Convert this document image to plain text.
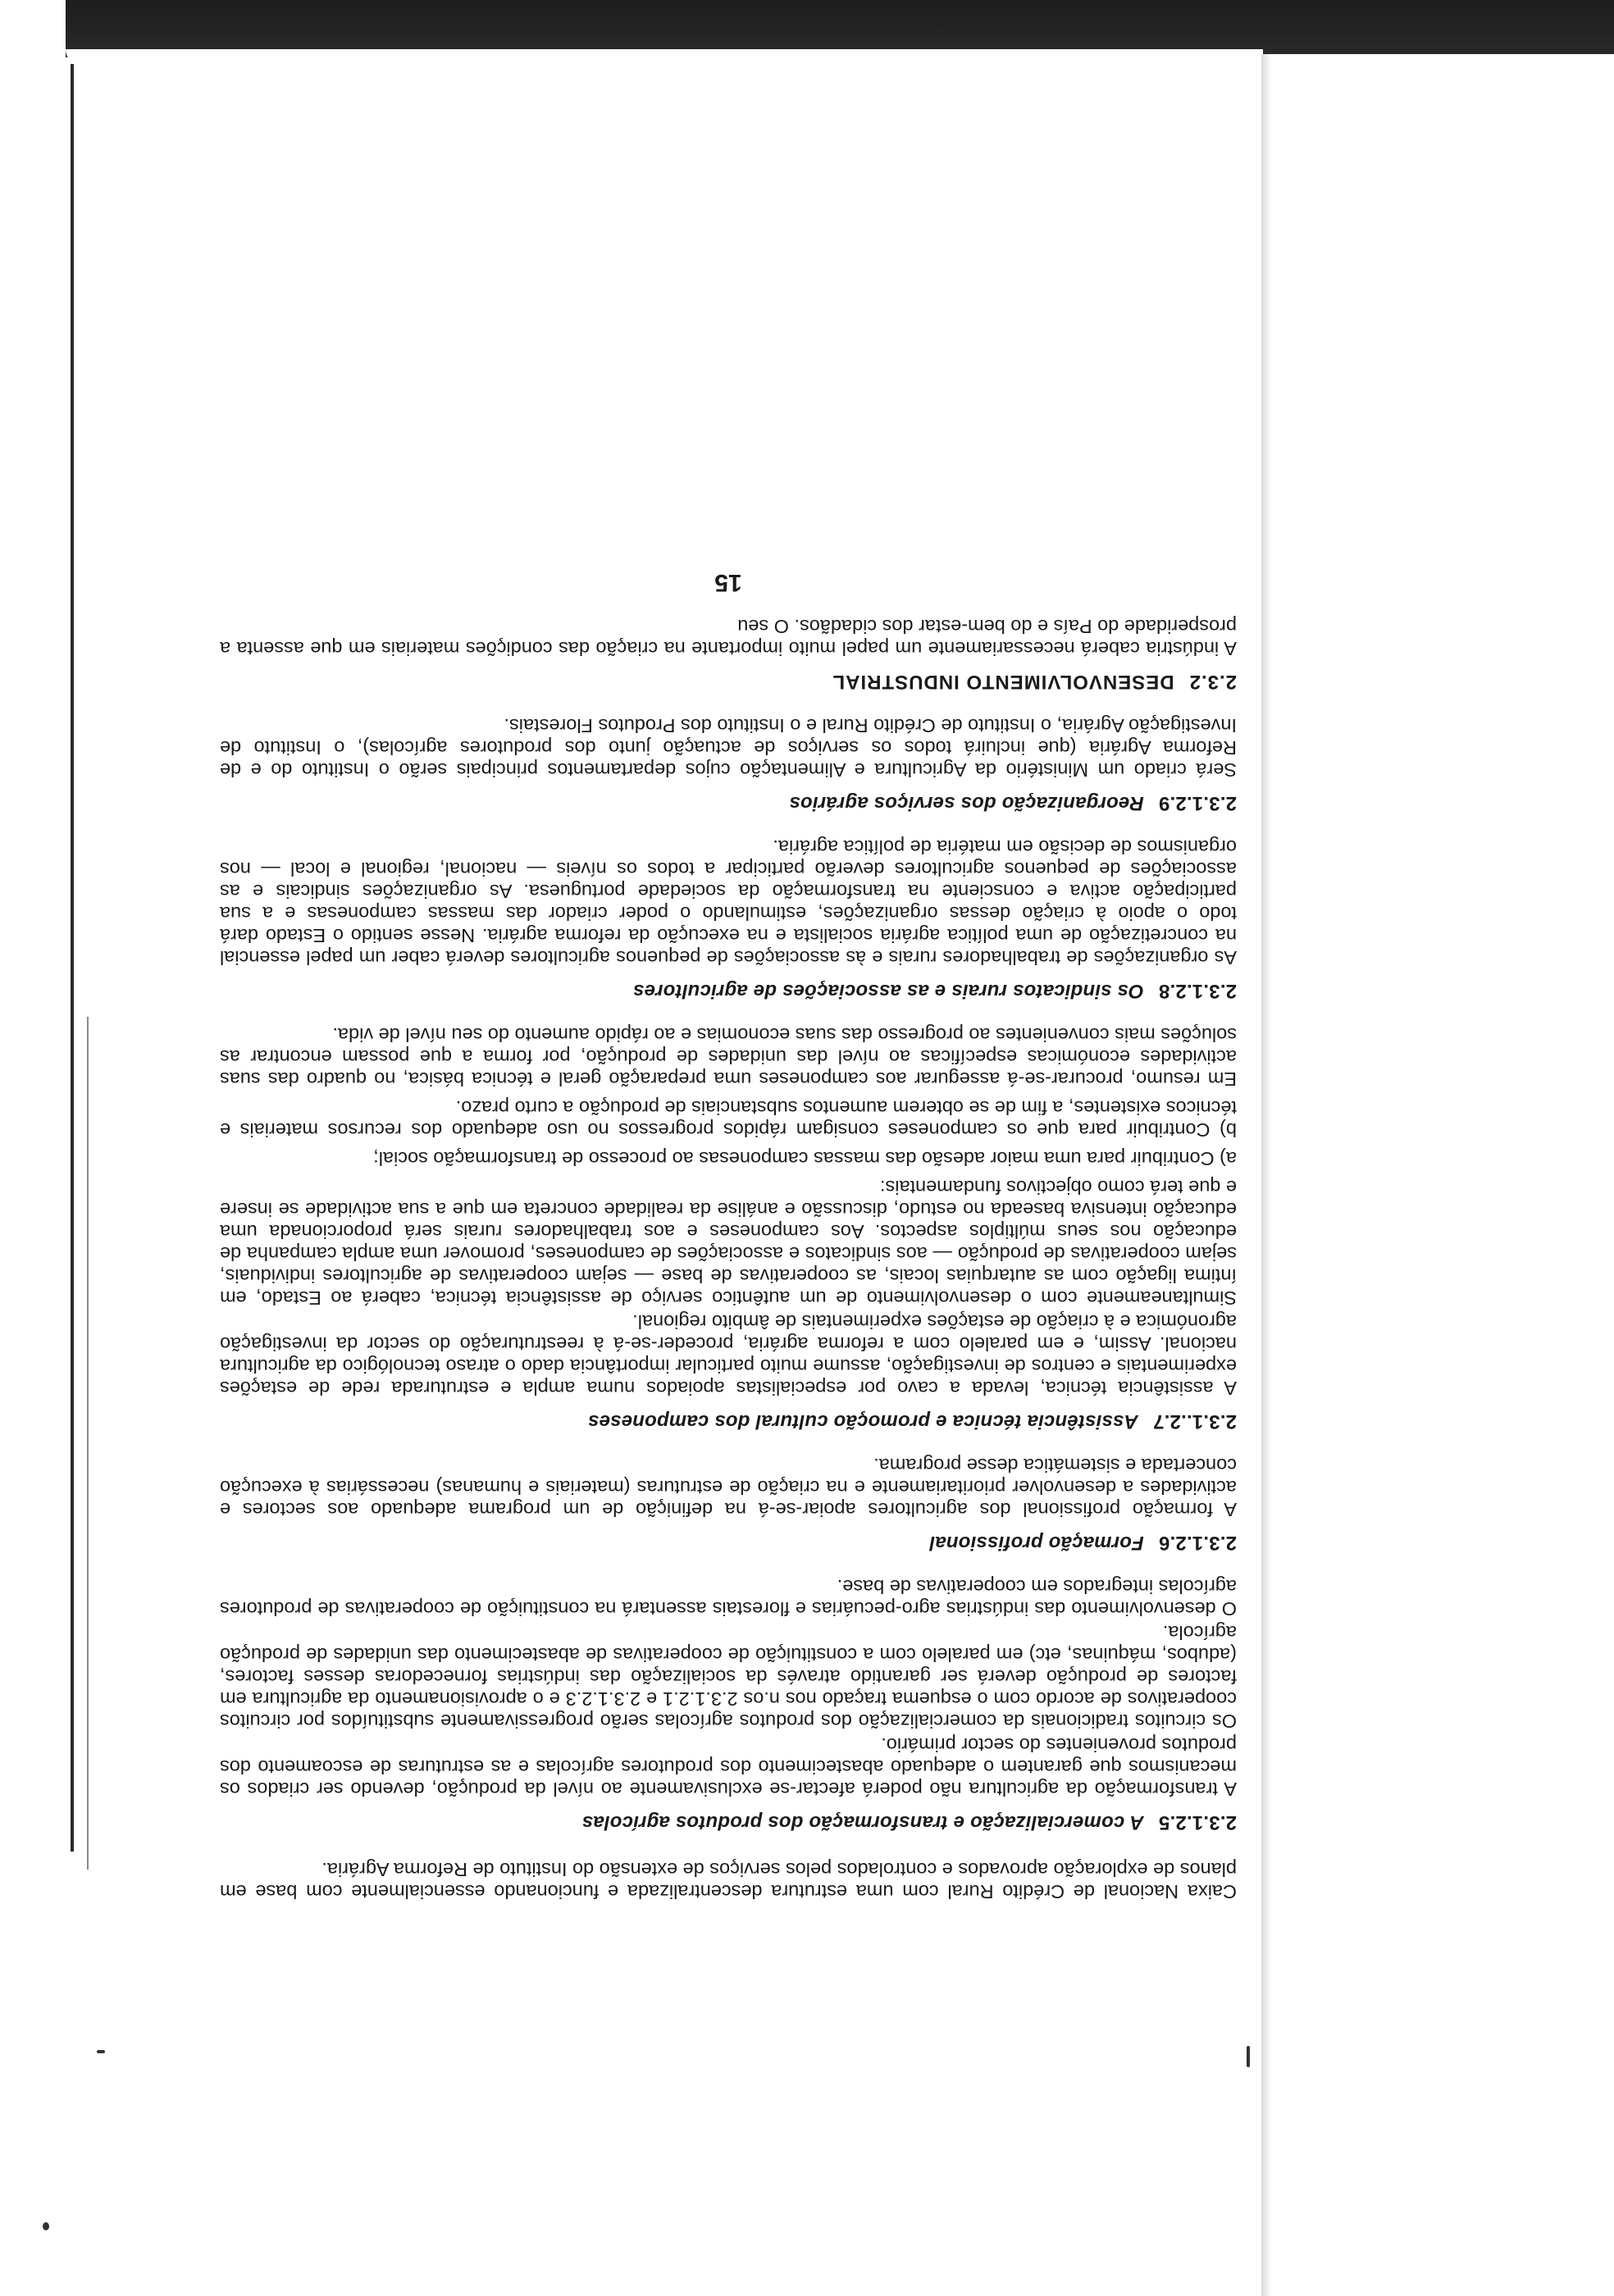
Caixa Nacional de Crédito Rural com uma estrutura descentralizada e funcionando essencialmente com base em planos de exploração aprovados e controlados pelos serviços de extensão do Instituto de Reforma Agrária.

2.3.1.2.5A comercialização e transformação dos produtos agrícolas

A transformação da agricultura não poderá afectar-se exclusivamente ao nível da produção, devendo ser criados os mecanismos que garantem o adequado abastecimento dos produtores agrícolas e as estruturas de escoamento dos produtos provenientes do sector primário.

Os circuitos tradicionais da comercialização dos produtos agrícolas serão progressivamente substituídos por circuitos cooperativos de acordo com o esquema traçado nos n.os 2.3.1.2.1 e 2.3.1.2.3 e o aprovisionamento da agricultura em factores de produção deverá ser garantido através da socialização das indústrias fornecedoras desses factores, (adubos, máquinas, etc) em paralelo com a constituição de cooperativas de abastecimento das unidades de produção agrícola.

O desenvolvimento das indústrias agro-pecuárias e florestais assentará na constituição de cooperativas de produtores agrícolas integrados em cooperativas de base.

2.3.1.2.6Formação profissional

A formação profissional dos agricultores apoiar-se-á na definição de um programa adequado aos sectores e actividades a desenvolver prioritariamente e na criação de estruturas (materiais e humanas) necessárias à execução concertada e sistemática desse programa.

2.3.1..2.7Assistência técnica e promoção cultural dos camponeses

A assistência técnica, levada a cavo por especialistas apoiados numa ampla e estruturada rede de estações experimentais e centros de investigação, assume muito particular importância dado o atraso tecnológico da agricultura nacional. Assim, e em paralelo com a reforma agrária, proceder-se-á à reestruturação do sector da investigação agronómica e à criação de estações experimentais de âmbito regional.

Simultaneamente com o desenvolvimento de um autêntico serviço de assistência técnica, caberá ao Estado, em íntima ligação com as autarquias locais, as cooperativas de base — sejam cooperativas de agricultores individuais, sejam cooperativas de produção — aos sindicatos e associações de camponeses, promover uma ampla campanha de educação nos seus múltiplos aspectos. Aos camponeses e aos trabalhadores rurais será proporcionada uma educação intensiva baseada no estudo, discussão e análise da realidade concreta em que a sua actividade se insere e que terá como objectivos fundamentais:

a) Contribuir para uma maior adesão das massas camponesas ao processo de transformação social;

b) Contribuir para que os camponeses consigam rápidos progressos no uso adequado dos recursos materiais e técnicos existentes, a fim de se obterem aumentos substanciais de produção a curto prazo.

Em resumo, procurar-se-á assegurar aos camponeses uma preparação geral e técnica básica, no quadro das suas actividades económicas específicas ao nível das unidades de produção, por forma a que possam encontrar as soluções mais convenientes ao progresso das suas economias e ao rápido aumento do seu nível de vida.

2.3.1.2.8Os sindicatos rurais e as associações de agricultores

As organizações de trabalhadores rurais e às associações de pequenos agricultores deverá caber um papel essencial na concretização de uma política agrária socialista e na execução da reforma agrária. Nesse sentido o Estado dará todo o apoio à criação dessas organizações, estimulando o poder criador das massas camponesas e a sua participação activa e consciente na transformação da sociedade portuguesa. As organizações sindicais e as associações de pequenos agricultores deverão participar a todos os níveis — nacional, regional e local — nos organismos de decisão em matéria de política agrária.

2.3.1.2.9Reorganização dos serviços agrários

Será criado um Ministério da Agricultura e Alimentação cujos departamentos principais serão o Instituto do e de Reforma Agrária (que incluirá todos os serviços de actuação junto dos produtores agrícolas), o Instituto de Investigação Agrária, o Instituto de Crédito Rural e o Instituto dos Produtos Florestais.

2.3.2DESENVOLVIMENTO INDUSTRIAL

A indústria caberá necessariamente um papel muito importante na criação das condições materiais em que assenta a prosperidade do País e do bem-estar dos cidadãos. O seu

15
